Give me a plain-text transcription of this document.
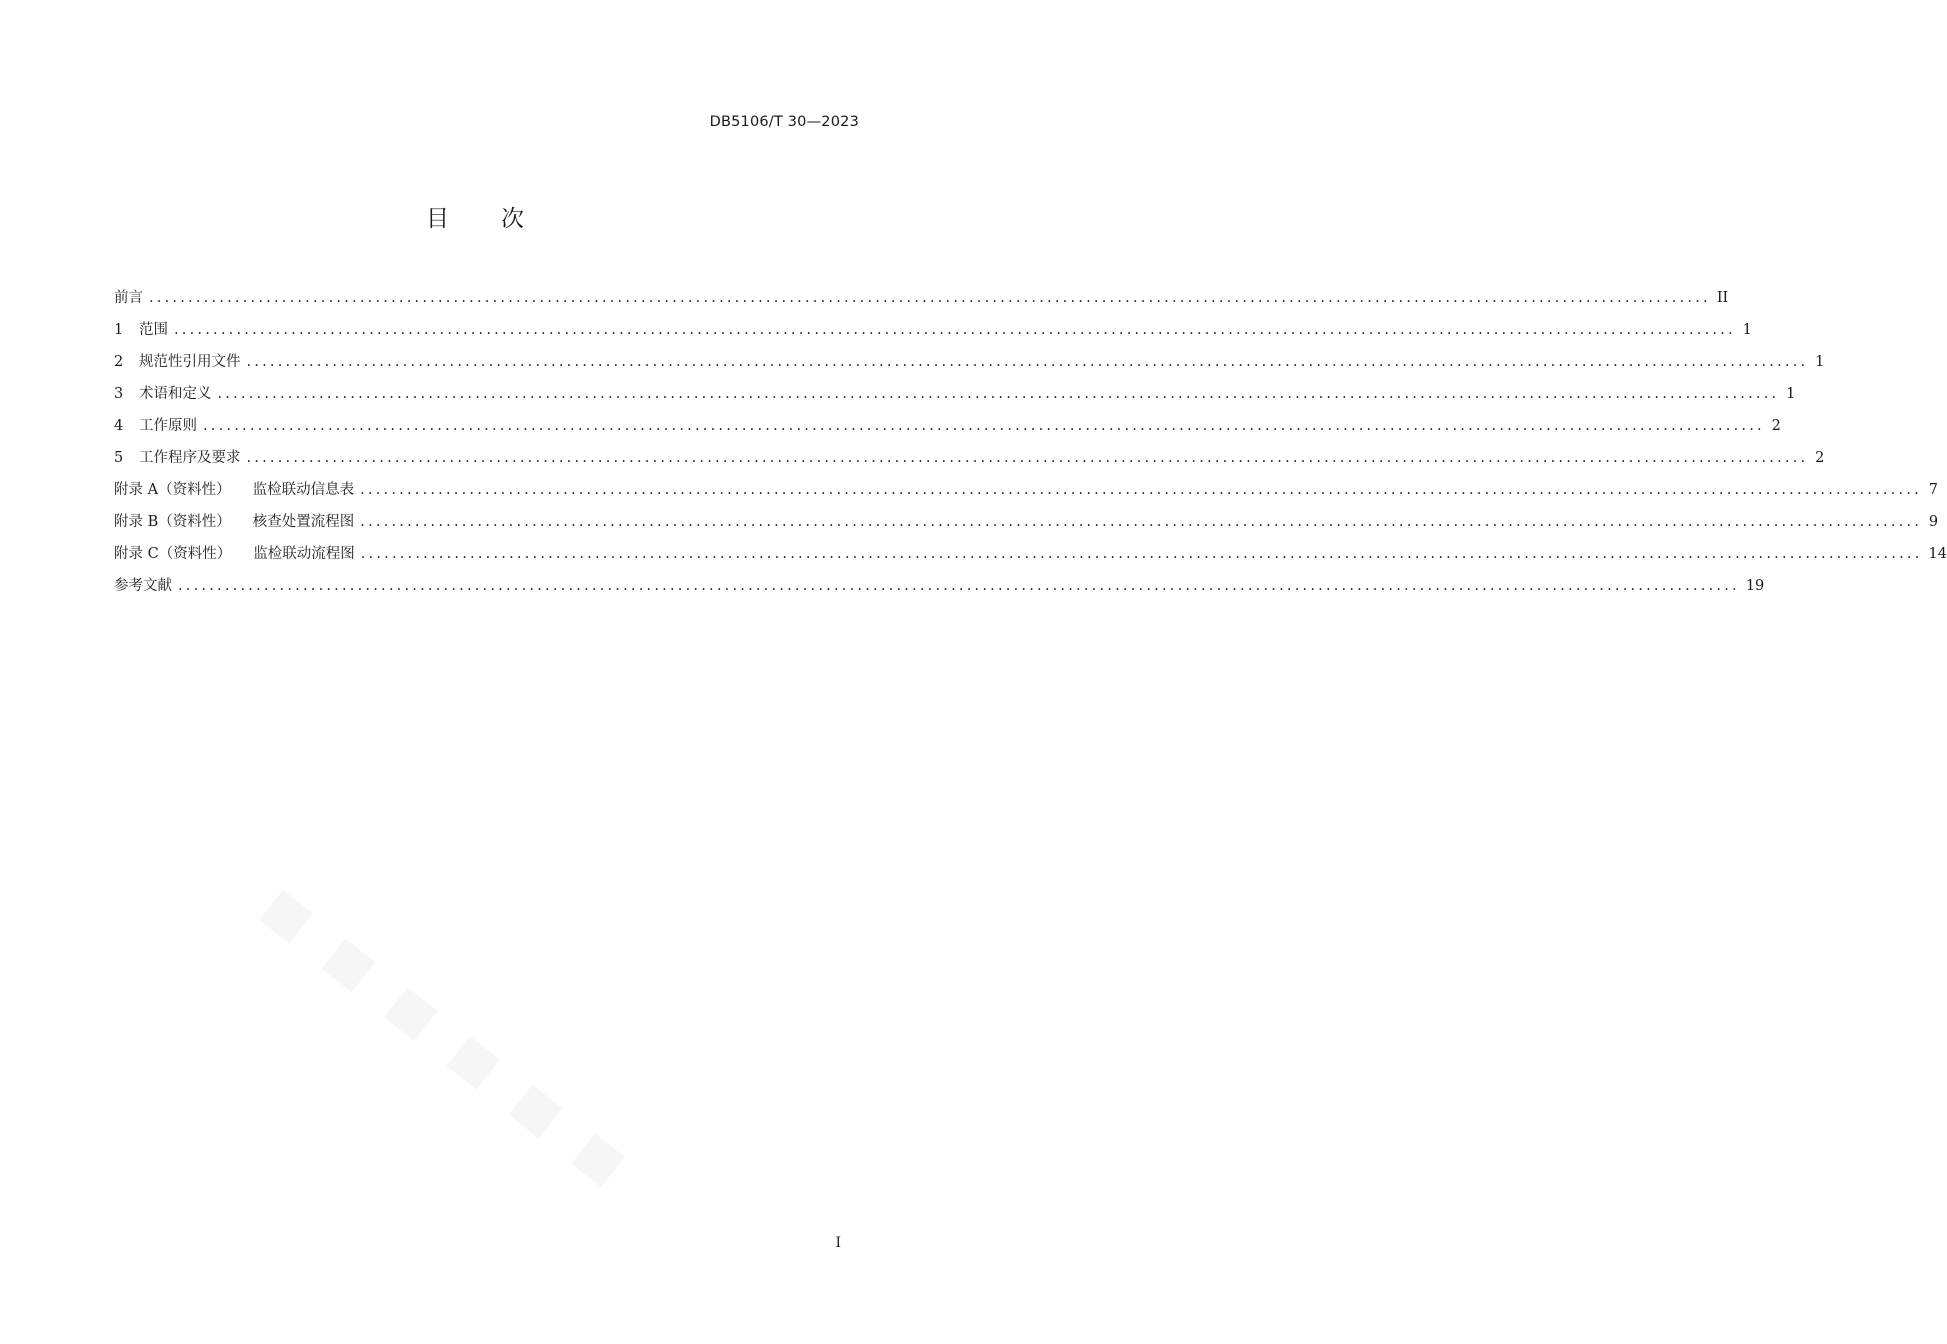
DB5106/T 30—2023
目次
前言 ........................................................................................................................................................................................................ II
1	范围 ........................................................................................................................................................................................................ 1
2	规范性引用文件 ........................................................................................................................................................................................................ 1
3	术语和定义 ........................................................................................................................................................................................................ 1
4	工作原则 ........................................................................................................................................................................................................ 2
5	工作程序及要求 ........................................................................................................................................................................................................ 2
附录 A（资料性） 监检联动信息表 ........................................................................................................................................................................................................ 7
附录 B（资料性） 核查处置流程图 ........................................................................................................................................................................................................ 9
附录 C（资料性） 监检联动流程图 ........................................................................................................................................................................................................ 14
参考文献 ........................................................................................................................................................................................................ 19
I
